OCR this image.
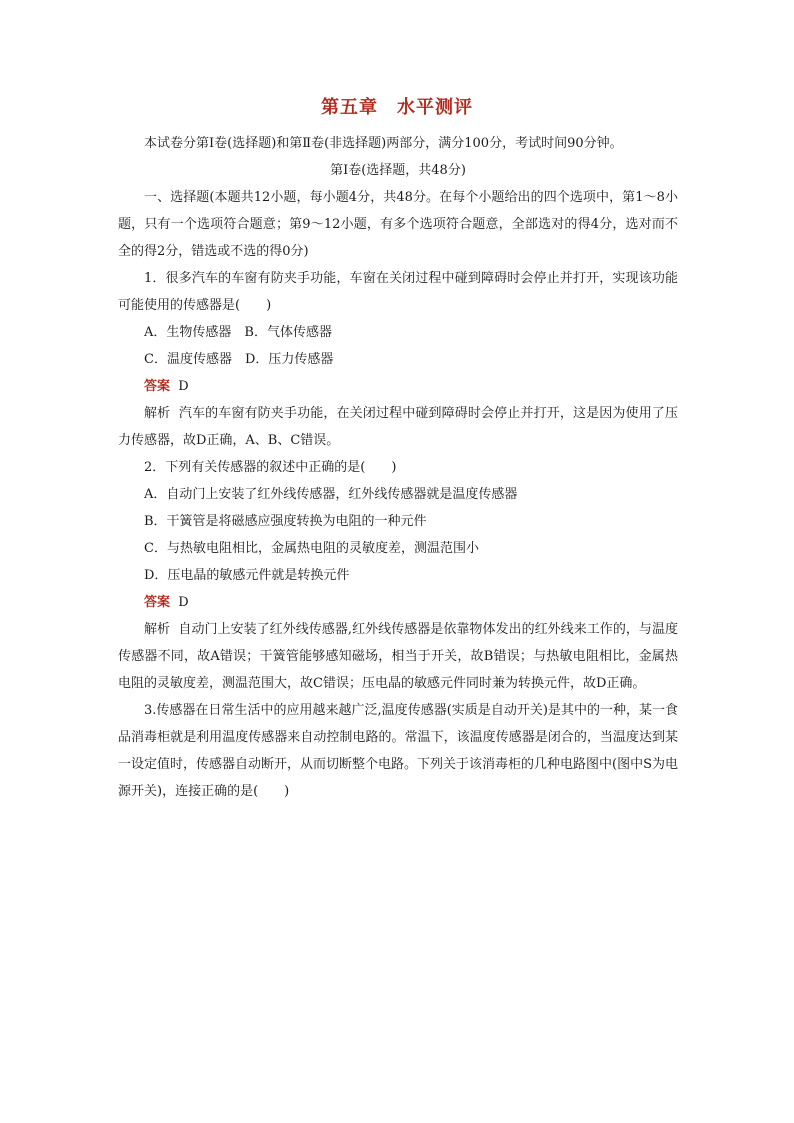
第五章　水平测评

本试卷分第Ⅰ卷(选择题)和第Ⅱ卷(非选择题)两部分，满分100分，考试时间90分钟。

第Ⅰ卷(选择题，共48分)

一、选择题(本题共12小题，每小题4分，共48分。在每个小题给出的四个选项中，第1～8小题，只有一个选项符合题意；第9～12小题，有多个选项符合题意，全部选对的得4分，选对而不全的得2分，错选或不选的得0分)

1．很多汽车的车窗有防夹手功能，车窗在关闭过程中碰到障碍时会停止并打开，实现该功能可能使用的传感器是(　　)

A．生物传感器　B．气体传感器

C．温度传感器　D．压力传感器

答案 D

解析 汽车的车窗有防夹手功能，在关闭过程中碰到障碍时会停止并打开，这是因为使用了压力传感器，故D正确，A、B、C错误。

2．下列有关传感器的叙述中正确的是(　　)

A．自动门上安装了红外线传感器，红外线传感器就是温度传感器

B．干簧管是将磁感应强度转换为电阻的一种元件

C．与热敏电阻相比，金属热电阻的灵敏度差，测温范围小

D．压电晶的敏感元件就是转换元件

答案 D

解析 自动门上安装了红外线传感器,红外线传感器是依靠物体发出的红外线来工作的，与温度传感器不同，故A错误；干簧管能够感知磁场，相当于开关，故B错误；与热敏电阻相比，金属热电阻的灵敏度差，测温范围大，故C错误；压电晶的敏感元件同时兼为转换元件，故D正确。

3.传感器在日常生活中的应用越来越广泛,温度传感器(实质是自动开关)是其中的一种，某一食品消毒柜就是利用温度传感器来自动控制电路的。常温下，该温度传感器是闭合的，当温度达到某一设定值时，传感器自动断开，从而切断整个电路。下列关于该消毒柜的几种电路图中(图中S为电源开关)，连接正确的是(　　)
